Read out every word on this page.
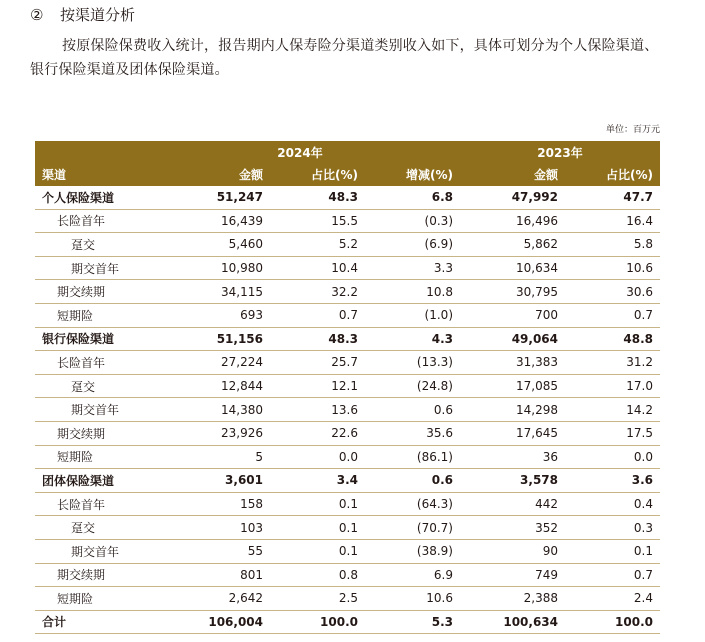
② 按渠道分析
按原保险保费收入统计，报告期内人保寿险分渠道类别收入如下，具体可划分为个人保险渠道、银行保险渠道及团体保险渠道。
单位：百万元
	2024年			2023年	
渠道	金额	占比(%)	增减(%)	金额	占比(%)
个人保险渠道	51,247	48.3	6.8	47,992	47.7
长险首年	16,439	15.5	(0.3)	16,496	16.4
趸交	5,460	5.2	(6.9)	5,862	5.8
期交首年	10,980	10.4	3.3	10,634	10.6
期交续期	34,115	32.2	10.8	30,795	30.6
短期险	693	0.7	(1.0)	700	0.7
银行保险渠道	51,156	48.3	4.3	49,064	48.8
长险首年	27,224	25.7	(13.3)	31,383	31.2
趸交	12,844	12.1	(24.8)	17,085	17.0
期交首年	14,380	13.6	0.6	14,298	14.2
期交续期	23,926	22.6	35.6	17,645	17.5
短期险	5	0.0	(86.1)	36	0.0
团体保险渠道	3,601	3.4	0.6	3,578	3.6
长险首年	158	0.1	(64.3)	442	0.4
趸交	103	0.1	(70.7)	352	0.3
期交首年	55	0.1	(38.9)	90	0.1
期交续期	801	0.8	6.9	749	0.7
短期险	2,642	2.5	10.6	2,388	2.4
合计	106,004	100.0	5.3	100,634	100.0
